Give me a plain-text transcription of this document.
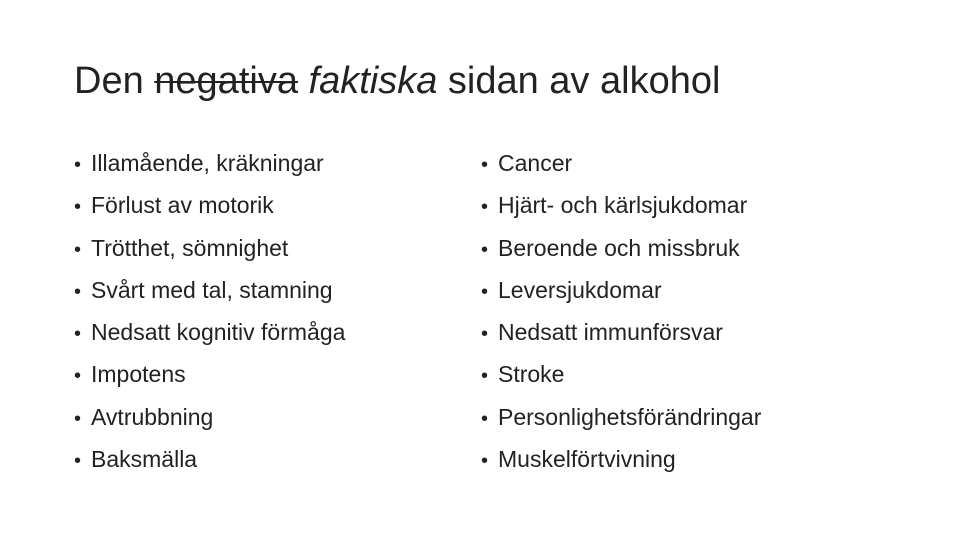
Den negativa faktiska sidan av alkohol
• Illamående, kräkningar
• Förlust av motorik
• Trötthet, sömnighet
• Svårt med tal, stamning
• Nedsatt kognitiv förmåga
• Impotens
• Avtrubbning
• Baksmälla
• Cancer
• Hjärt- och kärlsjukdomar
• Beroende och missbruk
• Leversjukdomar
• Nedsatt immunförsvar
• Stroke
• Personlighetsförändringar
• Muskelförtvivning
